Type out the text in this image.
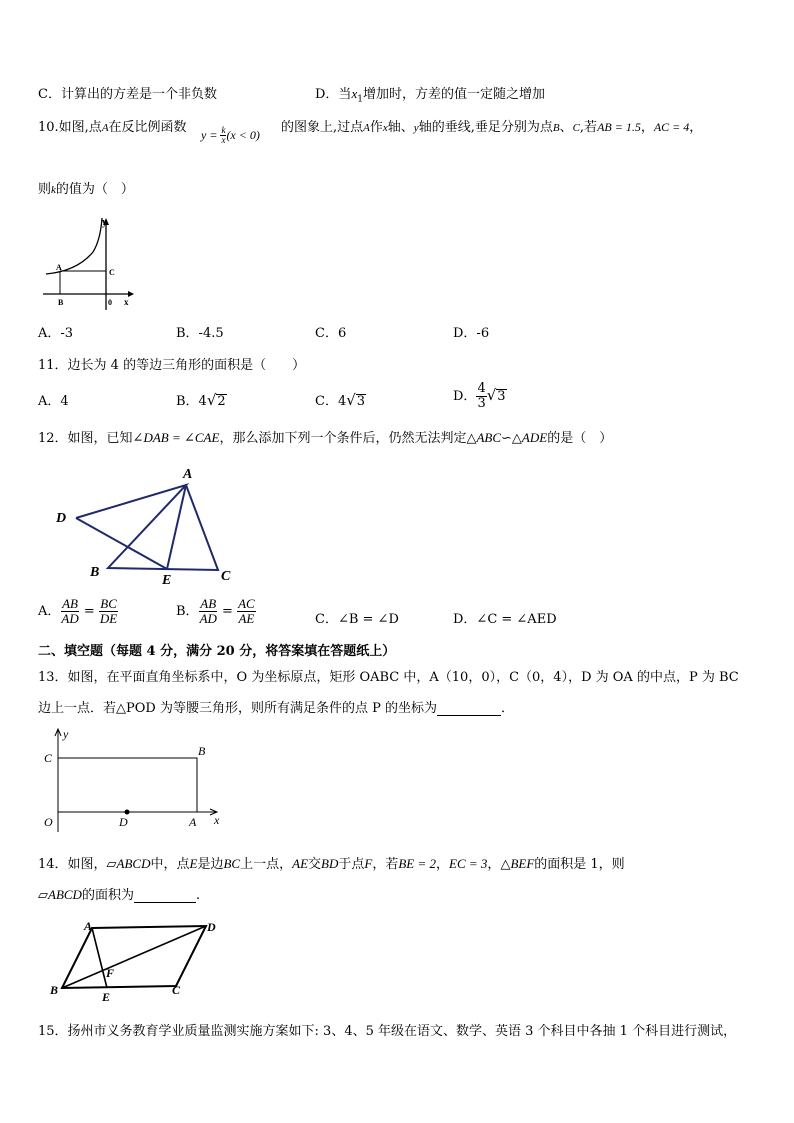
C．计算出的方差是一个非负数	D．当$x_1$增加时，方差的值一定随之增加
10.如图,点A在反比例函数 $y = \frac{k}{x} (x < 0)$ 的图象上,过点A作x轴、y轴的垂线,垂足分别为点B、C,若AB = 1.5，AC = 4，
则k的值为（　）
y
A
C
B	0 x
A．-3	B．-4.5	C．6	D．-6
11．边长为 4 的等边三角形的面积是（　　）
A．4	B．4√2	C．4√3	D． $\frac{4}{3} √3$
12．如图，已知∠DAB = ∠CAE，那么添加下列一个条件后，仍然无法判定△ABC∽△ADE的是（　）
A
D
B
E	C
A． $\frac{AB}{AD} = \frac{BC}{DE}$	B． $\frac{AB}{AD} = \frac{AC}{AE}$	C．∠B = ∠D	D．∠C = ∠AED
二、填空题（每题 4 分，满分 20 分，将答案填在答题纸上）
13．如图，在平面直角坐标系中，O 为坐标原点，矩形 OABC 中，A（10，0），C（0，4），D 为 OA 的中点，P 为 BC
边上一点．若△POD 为等腰三角形，则所有满足条件的点 P 的坐标为	．
y
C	B
O	D	A x
14．如图，▱ABCD中，点E是边BC上一点，AE交BD于点F，若BE = 2，EC = 3，△BEF的面积是 1，则
▱ABCD的面积为	.
A	D
F
B	E	C
15．扬州市义务教育学业质量监测实施方案如下: 3、4、5 年级在语文、数学、英语 3 个科目中各抽 1 个科目进行测试，
